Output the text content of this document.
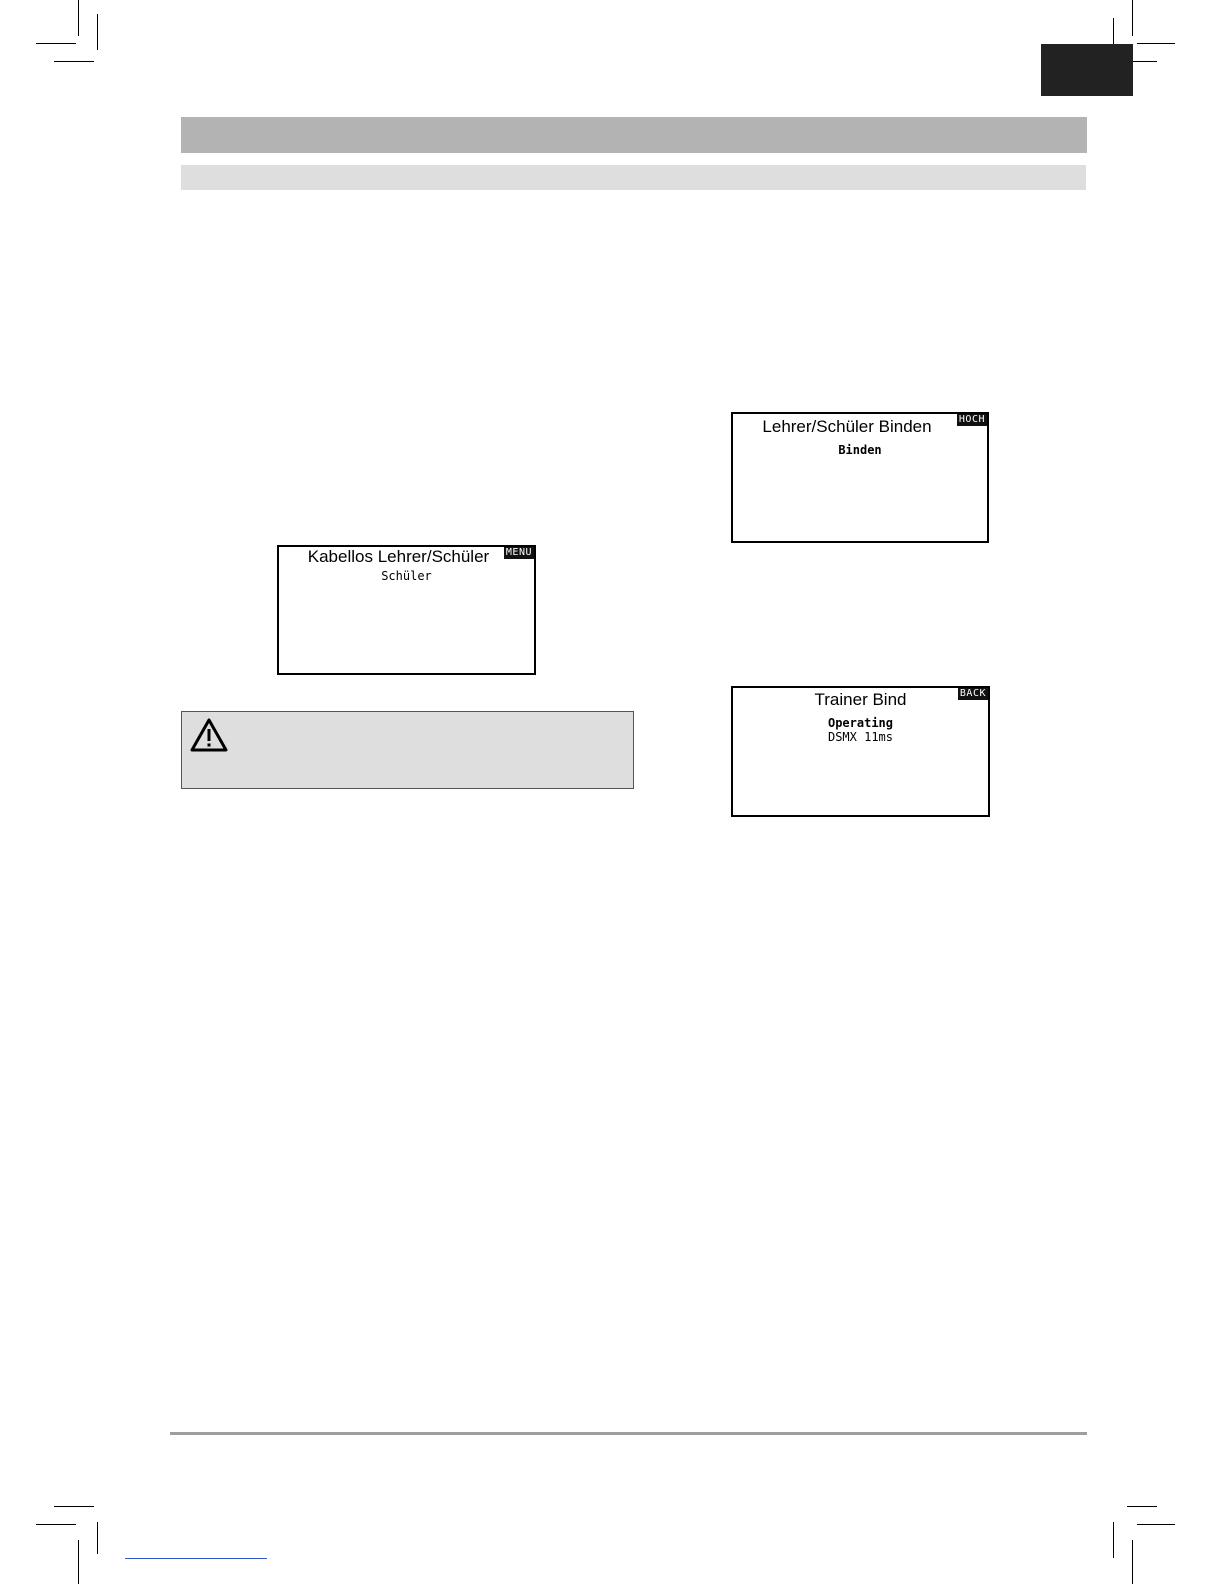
Lehrer/Schüler Binden	HOCH
Binden
Kabellos Lehrer/Schüler	MENU
Schüler
Trainer Bind	BACK
Operating
DSMX 11ms
